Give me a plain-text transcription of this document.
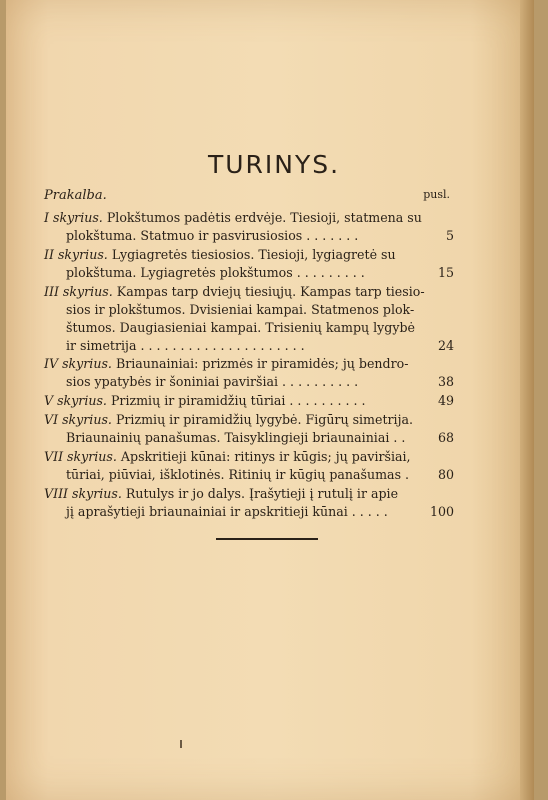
TURINYS.
Prakalba.	pusl.
I skyrius. Plokštumos padėtis erdvėje. Tiesioji, statmena su
plokštuma. Statmuo ir pasvirusiosios . . . . . . .	5
II skyrius. Lygiagretės tiesiosios. Tiesioji, lygiagretė su
plokštuma. Lygiagretės plokštumos . . . . . . . . .	15
III skyrius. Kampas tarp dviejų tiesiųjų. Kampas tarp tiesio-
sios ir plokštumos. Dvisieniai kampai. Statmenos plok-
štumos. Daugiasieniai kampai. Trisienių kampų lygybė
ir simetrija . . . . . . . . . . . . . . . . . . . . .	24
IV skyrius. Briaunainiai: prizmės ir piramidės; jų bendro-
sios ypatybės ir šoniniai paviršiai . . . . . . . . . .	38
V skyrius. Prizmių ir piramidžių tūriai . . . . . . . . . .	49
VI skyrius. Prizmių ir piramidžių lygybė. Figūrų simetrija.
Briaunainių panašumas. Taisyklingieji briaunainiai . .	68
VII skyrius. Apskritieji kūnai: ritinys ir kūgis; jų paviršiai,
tūriai, piūviai, išklotinės. Ritinių ir kūgių panašumas . 80
VIII skyrius. Rutulys ir jo dalys. Įrašytieji į rutulį ir apie
jį aprašytieji briaunainiai ir apskritieji kūnai . . . . .	100
